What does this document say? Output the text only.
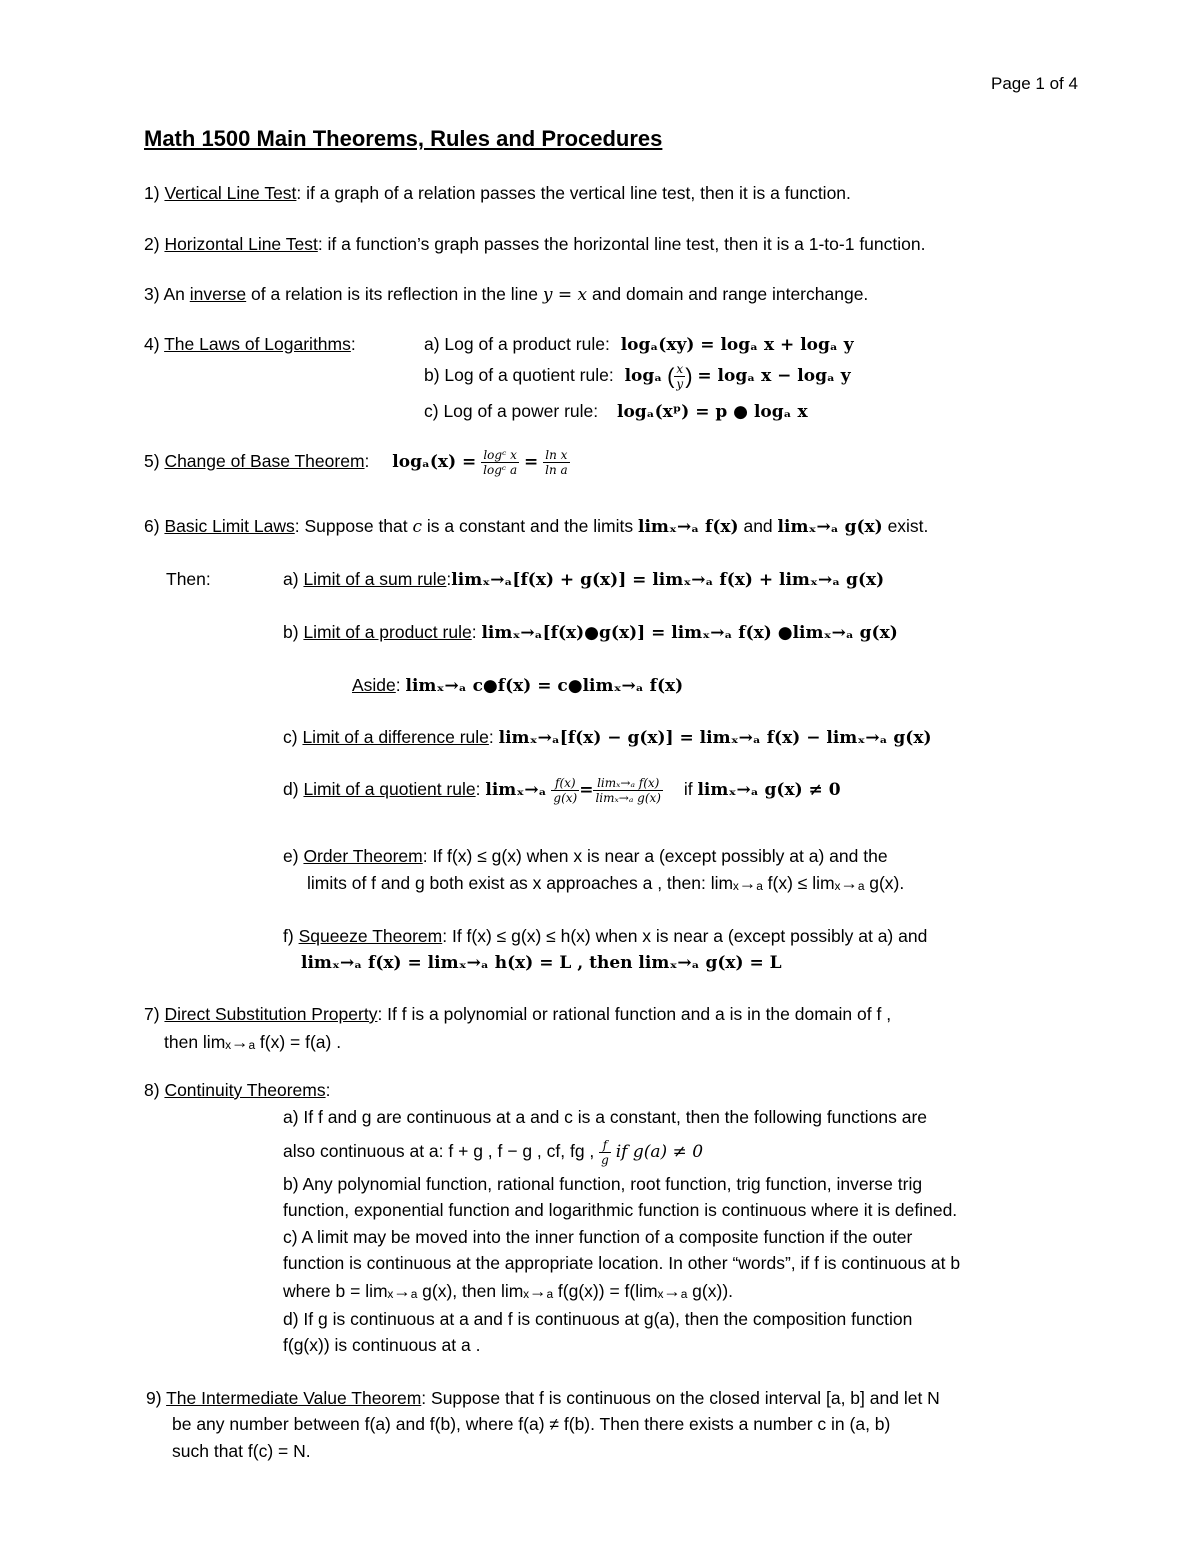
Page 1 of 4
Math 1500 Main Theorems, Rules and Procedures
1) Vertical Line Test: if a graph of a relation passes the vertical line test, then it is a function.
2) Horizontal Line Test: if a function’s graph passes the horizontal line test, then it is a 1-to-1 function.
3) An inverse of a relation is its reflection in the line y = x and domain and range interchange.
4) The Laws of Logarithms:	a) Log of a product rule: logₐ(xy) = logₐ x + logₐ y
b) Log of a quotient rule: logₐ ( $\frac{x}{y}$ ) = logₐ x − logₐ y
c) Log of a power rule: logₐ(xᵖ) = p ● logₐ x
5) Change of Base Theorem: $\log_a(x) = \frac{\text{logᶜ x}}{\text{logᶜ a}} = \frac{\text{ln x}}{\text{ln a}}$
6) Basic Limit Laws: Suppose that c is a constant and the limits limₓ→ₐ f(x) and limₓ→ₐ g(x) exist.
Then:	a) Limit of a sum rule:limₓ→ₐ[f(x) + g(x)] = limₓ→ₐ f(x) + limₓ→ₐ g(x)
b) Limit of a product rule: limₓ→ₐ[f(x)●g(x)] = limₓ→ₐ f(x) ●limₓ→ₐ g(x)
Aside: limₓ→ₐ c●f(x) = c●limₓ→ₐ f(x)
c) Limit of a difference rule: limₓ→ₐ[f(x) − g(x)] = limₓ→ₐ f(x) − limₓ→ₐ g(x)
d) Limit of a quotient rule: $\lim_x\to_a \frac{f(x)}{g(x)} = \frac{\text{limₓ→ₐ f(x)}}{\text{limₓ→ₐ g(x)}}$ if limₓ→ₐ g(x) ≠ 0
e) Order Theorem: If f(x) ≤ g(x) when x is near a (except possibly at a) and the
limits of f and g both exist as x approaches a , then: limₓ→ₐ f(x) ≤ limₓ→ₐ g(x).
f) Squeeze Theorem: If f(x) ≤ g(x) ≤ h(x) when x is near a (except possibly at a) and
limₓ→ₐ f(x) = limₓ→ₐ h(x) = L , then limₓ→ₐ g(x) = L
7) Direct Substitution Property: If f is a polynomial or rational function and a is in the domain of f ,
then limₓ→ₐ f(x) = f(a) .
8) Continuity Theorems:
a) If f and g are continuous at a and c is a constant, then the following functions are
also continuous at a: f + g , f − g , cf, fg , $\frac{f}{g}$ if g(a) ≠ 0
b) Any polynomial function, rational function, root function, trig function, inverse trig
function, exponential function and logarithmic function is continuous where it is defined.
c) A limit may be moved into the inner function of a composite function if the outer
function is continuous at the appropriate location. In other “words”, if f is continuous at b
where b = limₓ→ₐ g(x), then limₓ→ₐ f(g(x)) = f(limₓ→ₐ g(x)).
d) If g is continuous at a and f is continuous at g(a), then the composition function
f(g(x)) is continuous at a .
9) The Intermediate Value Theorem: Suppose that f is continuous on the closed interval [a, b] and let N
be any number between f(a) and f(b), where f(a) ≠ f(b). Then there exists a number c in (a, b)
such that f(c) = N.
